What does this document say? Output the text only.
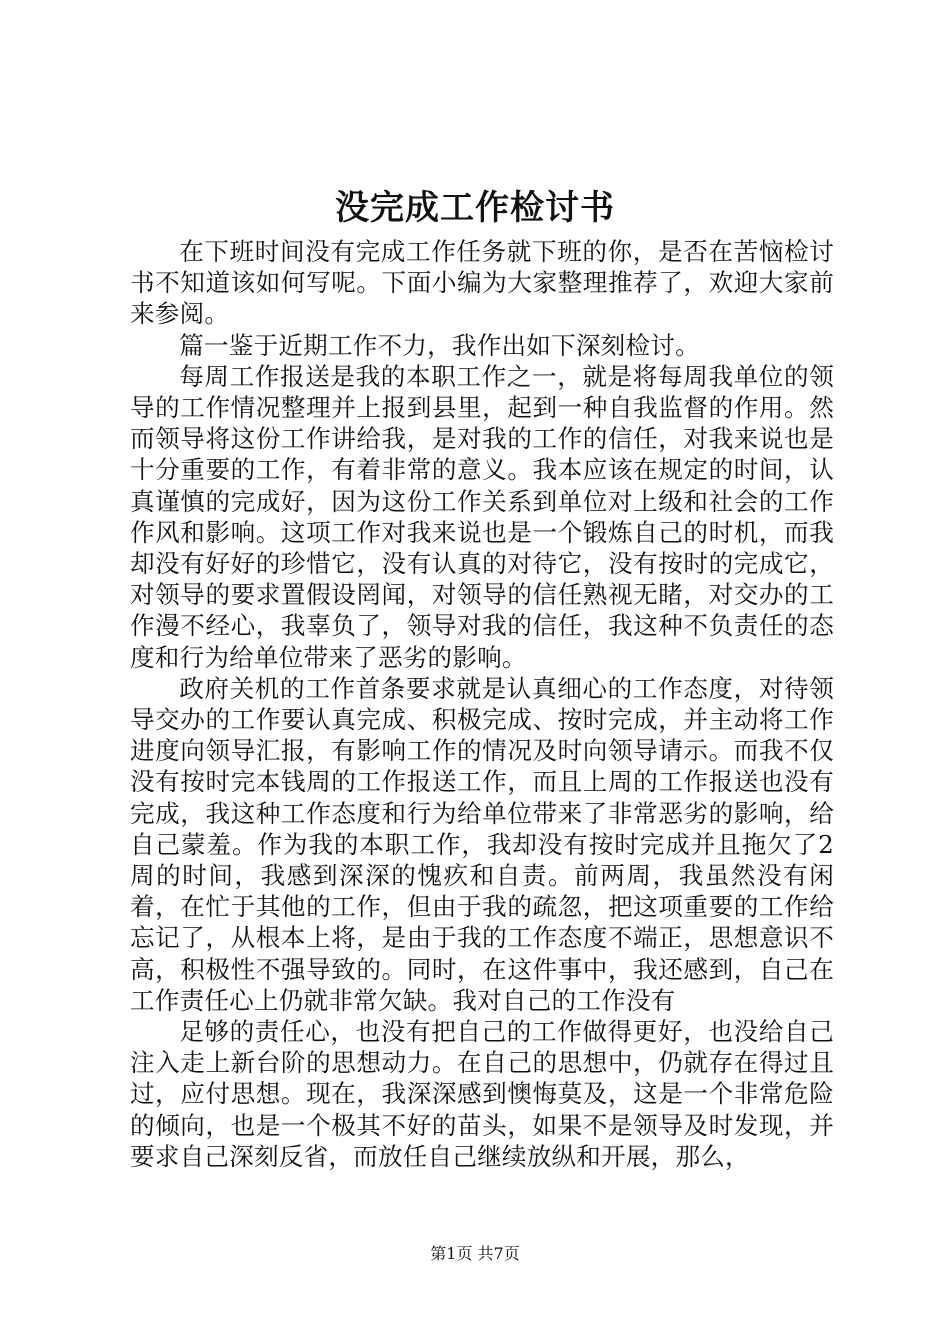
没完成工作检讨书

在下班时间没有完成工作任务就下班的你，是否在苦恼检讨书不知道该如何写呢。下面小编为大家整理推荐了，欢迎大家前来参阅。

篇一鉴于近期工作不力，我作出如下深刻检讨。

每周工作报送是我的本职工作之一，就是将每周我单位的领导的工作情况整理并上报到县里，起到一种自我监督的作用。然而领导将这份工作讲给我，是对我的工作的信任，对我来说也是十分重要的工作，有着非常的意义。我本应该在规定的时间，认真谨慎的完成好，因为这份工作关系到单位对上级和社会的工作作风和影响。这项工作对我来说也是一个锻炼自己的时机，而我却没有好好的珍惜它，没有认真的对待它，没有按时的完成它，对领导的要求置假设罔闻，对领导的信任熟视无睹，对交办的工作漫不经心，我辜负了，领导对我的信任，我这种不负责任的态度和行为给单位带来了恶劣的影响。

政府关机的工作首条要求就是认真细心的工作态度，对待领导交办的工作要认真完成、积极完成、按时完成，并主动将工作进度向领导汇报，有影响工作的情况及时向领导请示。而我不仅没有按时完本钱周的工作报送工作，而且上周的工作报送也没有完成，我这种工作态度和行为给单位带来了非常恶劣的影响，给自己蒙羞。作为我的本职工作，我却没有按时完成并且拖欠了2周的时间，我感到深深的愧疚和自责。前两周，我虽然没有闲着，在忙于其他的工作，但由于我的疏忽，把这项重要的工作给忘记了，从根本上将，是由于我的工作态度不端正，思想意识不高，积极性不强导致的。同时，在这件事中，我还感到，自己在工作责任心上仍就非常欠缺。我对自己的工作没有

足够的责任心，也没有把自己的工作做得更好，也没给自己注入走上新台阶的思想动力。在自己的思想中，仍就存在得过且过，应付思想。现在，我深深感到懊悔莫及，这是一个非常危险的倾向，也是一个极其不好的苗头，如果不是领导及时发现，并要求自己深刻反省，而放任自己继续放纵和开展，那么，

第1页 共7页
